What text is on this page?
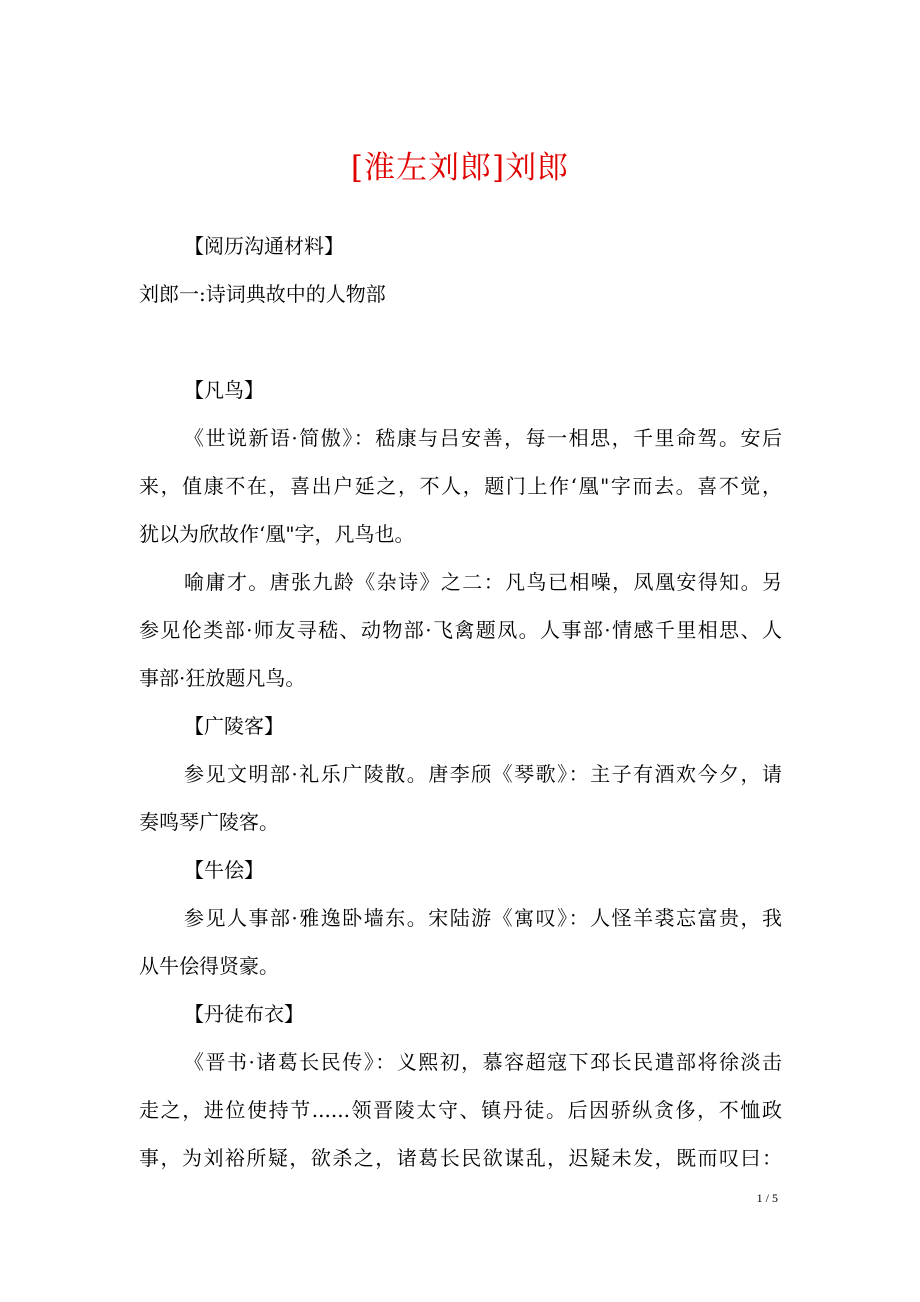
[淮左刘郎]刘郎
【阅历沟通材料】
刘郎一:诗词典故中的人物部
【凡鸟】
《世说新语·简傲》：嵇康与吕安善，每一相思，千里命驾。安后
来，值康不在，喜出户延之，不人，题门上作‘凰"字而去。喜不觉，
犹以为欣故作‘凰"字，凡鸟也。
喻庸才。唐张九龄《杂诗》之二：凡鸟已相噪，凤凰安得知。另
参见伦类部·师友寻嵇、动物部·飞禽题凤。人事部·情感千里相思、人
事部·狂放题凡鸟。
【广陵客】
参见文明部·礼乐广陵散。唐李颀《琴歌》：主子有酒欢今夕，请
奏鸣琴广陵客。
【牛侩】
参见人事部·雅逸卧墙东。宋陆游《寓叹》：人怪羊裘忘富贵，我
从牛侩得贤豪。
【丹徒布衣】
《晋书·诸葛长民传》：义熙初，慕容超寇下邳长民遣部将徐淡击
走之，进位使持节......领晋陵太守、镇丹徒。后因骄纵贪侈，不恤政
事，为刘裕所疑，欲杀之，诸葛长民欲谋乱，迟疑未发，既而叹曰：
1 / 5
